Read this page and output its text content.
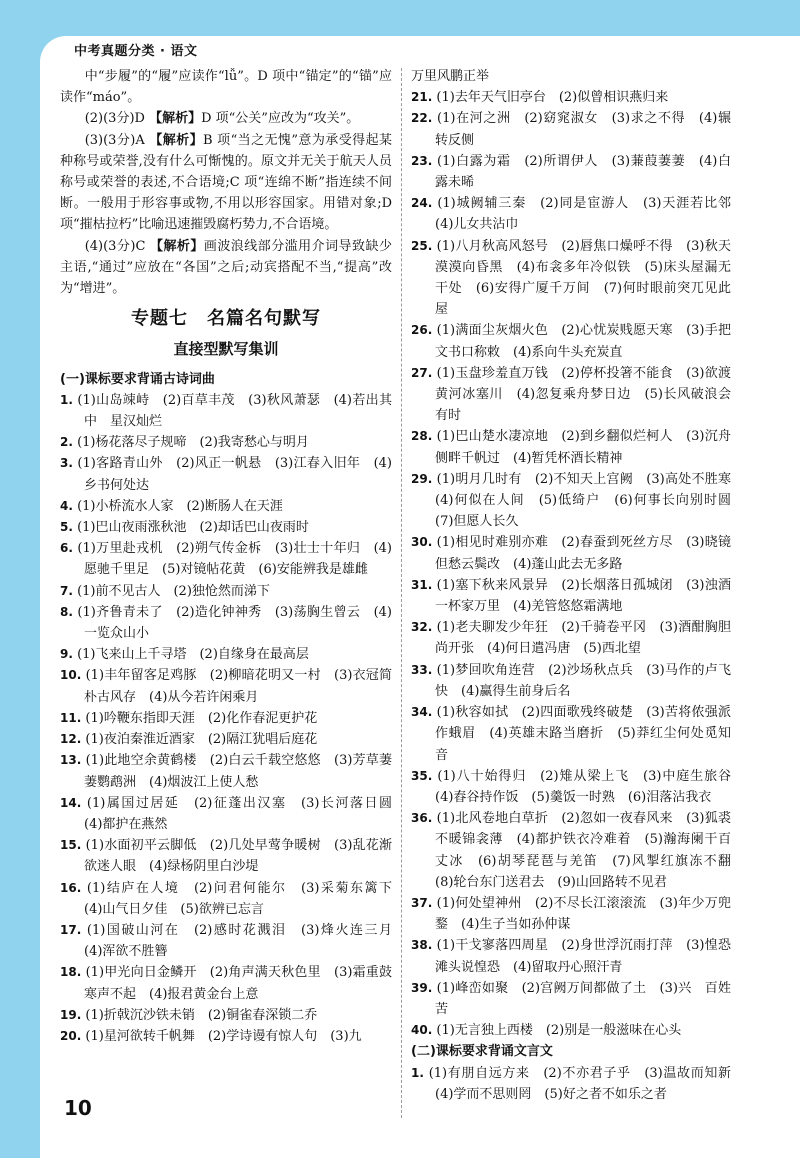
中考真题分类 · 语文

中“步履”的“履”应读作“lǚ”。D 项中“锚定”的“锚”应读作“máo”。

(2)(3分)D 【解析】D 项“公关”应改为“攻关”。

(3)(3分)A 【解析】B 项“当之无愧”意为承受得起某种称号或荣誉,没有什么可惭愧的。原文并无关于航天人员称号或荣誉的表述,不合语境;C 项“连绵不断”指连续不间断。一般用于形容事或物,不用以形容国家。用错对象;D 项“摧枯拉朽”比喻迅速摧毁腐朽势力,不合语境。

(4)(3分)C 【解析】画波浪线部分滥用介词导致缺少主语,“通过”应放在“各国”之后;动宾搭配不当,“提高”改为“增进”。

专题七　名篇名句默写
直接型默写集训
(一)课标要求背诵古诗词曲

1. (1)山岛竦峙　(2)百草丰茂　(3)秋风萧瑟　(4)若出其中　星汉灿烂

2. (1)杨花落尽子规啼　(2)我寄愁心与明月

3. (1)客路青山外　(2)风正一帆悬　(3)江春入旧年　(4)乡书何处达

4. (1)小桥流水人家　(2)断肠人在天涯

5. (1)巴山夜雨涨秋池　(2)却话巴山夜雨时

6. (1)万里赴戎机　(2)朔气传金柝　(3)壮士十年归　(4)愿驰千里足　(5)对镜帖花黄　(6)安能辨我是雄雌

7. (1)前不见古人　(2)独怆然而涕下

8. (1)齐鲁青未了　(2)造化钟神秀　(3)荡胸生曾云　(4)一览众山小

9. (1)飞来山上千寻塔　(2)自缘身在最高层

10. (1)丰年留客足鸡豚　(2)柳暗花明又一村　(3)衣冠简朴古风存　(4)从今若许闲乘月

11. (1)吟鞭东指即天涯　(2)化作春泥更护花

12. (1)夜泊秦淮近酒家　(2)隔江犹唱后庭花

13. (1)此地空余黄鹤楼　(2)白云千载空悠悠　(3)芳草萋萋鹦鹉洲　(4)烟波江上使人愁

14. (1)属国过居延　(2)征蓬出汉塞　(3)长河落日圆　(4)都护在燕然

15. (1)水面初平云脚低　(2)几处早莺争暖树　(3)乱花渐欲迷人眼　(4)绿杨阴里白沙堤

16. (1)结庐在人境　(2)问君何能尔　(3)采菊东篱下　(4)山气日夕佳　(5)欲辨已忘言

17. (1)国破山河在　(2)感时花溅泪　(3)烽火连三月　(4)浑欲不胜簪

18. (1)甲光向日金鳞开　(2)角声满天秋色里　(3)霜重鼓寒声不起　(4)报君黄金台上意

19. (1)折戟沉沙铁未销　(2)铜雀春深锁二乔

20. (1)星河欲转千帆舞　(2)学诗谩有惊人句　(3)九

万里风鹏正举

21. (1)去年天气旧亭台　(2)似曾相识燕归来

22. (1)在河之洲　(2)窈窕淑女　(3)求之不得　(4)辗转反侧

23. (1)白露为霜　(2)所谓伊人　(3)蒹葭萋萋　(4)白露未晞

24. (1)城阙辅三秦　(2)同是宦游人　(3)天涯若比邻　(4)儿女共沾巾

25. (1)八月秋高风怒号　(2)唇焦口燥呼不得　(3)秋天漠漠向昏黑　(4)布衾多年冷似铁　(5)床头屋漏无干处　(6)安得广厦千万间　(7)何时眼前突兀见此屋

26. (1)满面尘灰烟火色　(2)心忧炭贱愿天寒　(3)手把文书口称敕　(4)系向牛头充炭直

27. (1)玉盘珍羞直万钱　(2)停杯投箸不能食　(3)欲渡黄河冰塞川　(4)忽复乘舟梦日边　(5)长风破浪会有时

28. (1)巴山楚水凄凉地　(2)到乡翻似烂柯人　(3)沉舟侧畔千帆过　(4)暂凭杯酒长精神

29. (1)明月几时有　(2)不知天上宫阙　(3)高处不胜寒　(4)何似在人间　(5)低绮户　(6)何事长向别时圆　(7)但愿人长久

30. (1)相见时难别亦难　(2)春蚕到死丝方尽　(3)晓镜但愁云鬓改　(4)蓬山此去无多路

31. (1)塞下秋来风景异　(2)长烟落日孤城闭　(3)浊酒一杯家万里　(4)羌管悠悠霜满地

32. (1)老夫聊发少年狂　(2)千骑卷平冈　(3)酒酣胸胆尚开张　(4)何日遣冯唐　(5)西北望

33. (1)梦回吹角连营　(2)沙场秋点兵　(3)马作的卢飞快　(4)赢得生前身后名

34. (1)秋容如拭　(2)四面歌残终破楚　(3)苦将侬强派作蛾眉　(4)英雄末路当磨折　(5)莽红尘何处觅知音

35. (1)八十始得归　(2)雉从梁上飞　(3)中庭生旅谷　(4)舂谷持作饭　(5)羹饭一时熟　(6)泪落沾我衣

36. (1)北风卷地白草折　(2)忽如一夜春风来　(3)狐裘不暖锦衾薄　(4)都护铁衣冷难着　(5)瀚海阑干百丈冰　(6)胡琴琵琶与羌笛　(7)风掣红旗冻不翻　(8)轮台东门送君去　(9)山回路转不见君

37. (1)何处望神州　(2)不尽长江滚滚流　(3)年少万兜鍪　(4)生子当如孙仲谋

38. (1)干戈寥落四周星　(2)身世浮沉雨打萍　(3)惶恐滩头说惶恐　(4)留取丹心照汗青

39. (1)峰峦如聚　(2)宫阙万间都做了土　(3)兴　百姓苦

40. (1)无言独上西楼　(2)别是一般滋味在心头

(二)课标要求背诵文言文

1. (1)有朋自远方来　(2)不亦君子乎　(3)温故而知新　(4)学而不思则罔　(5)好之者不如乐之者

10
